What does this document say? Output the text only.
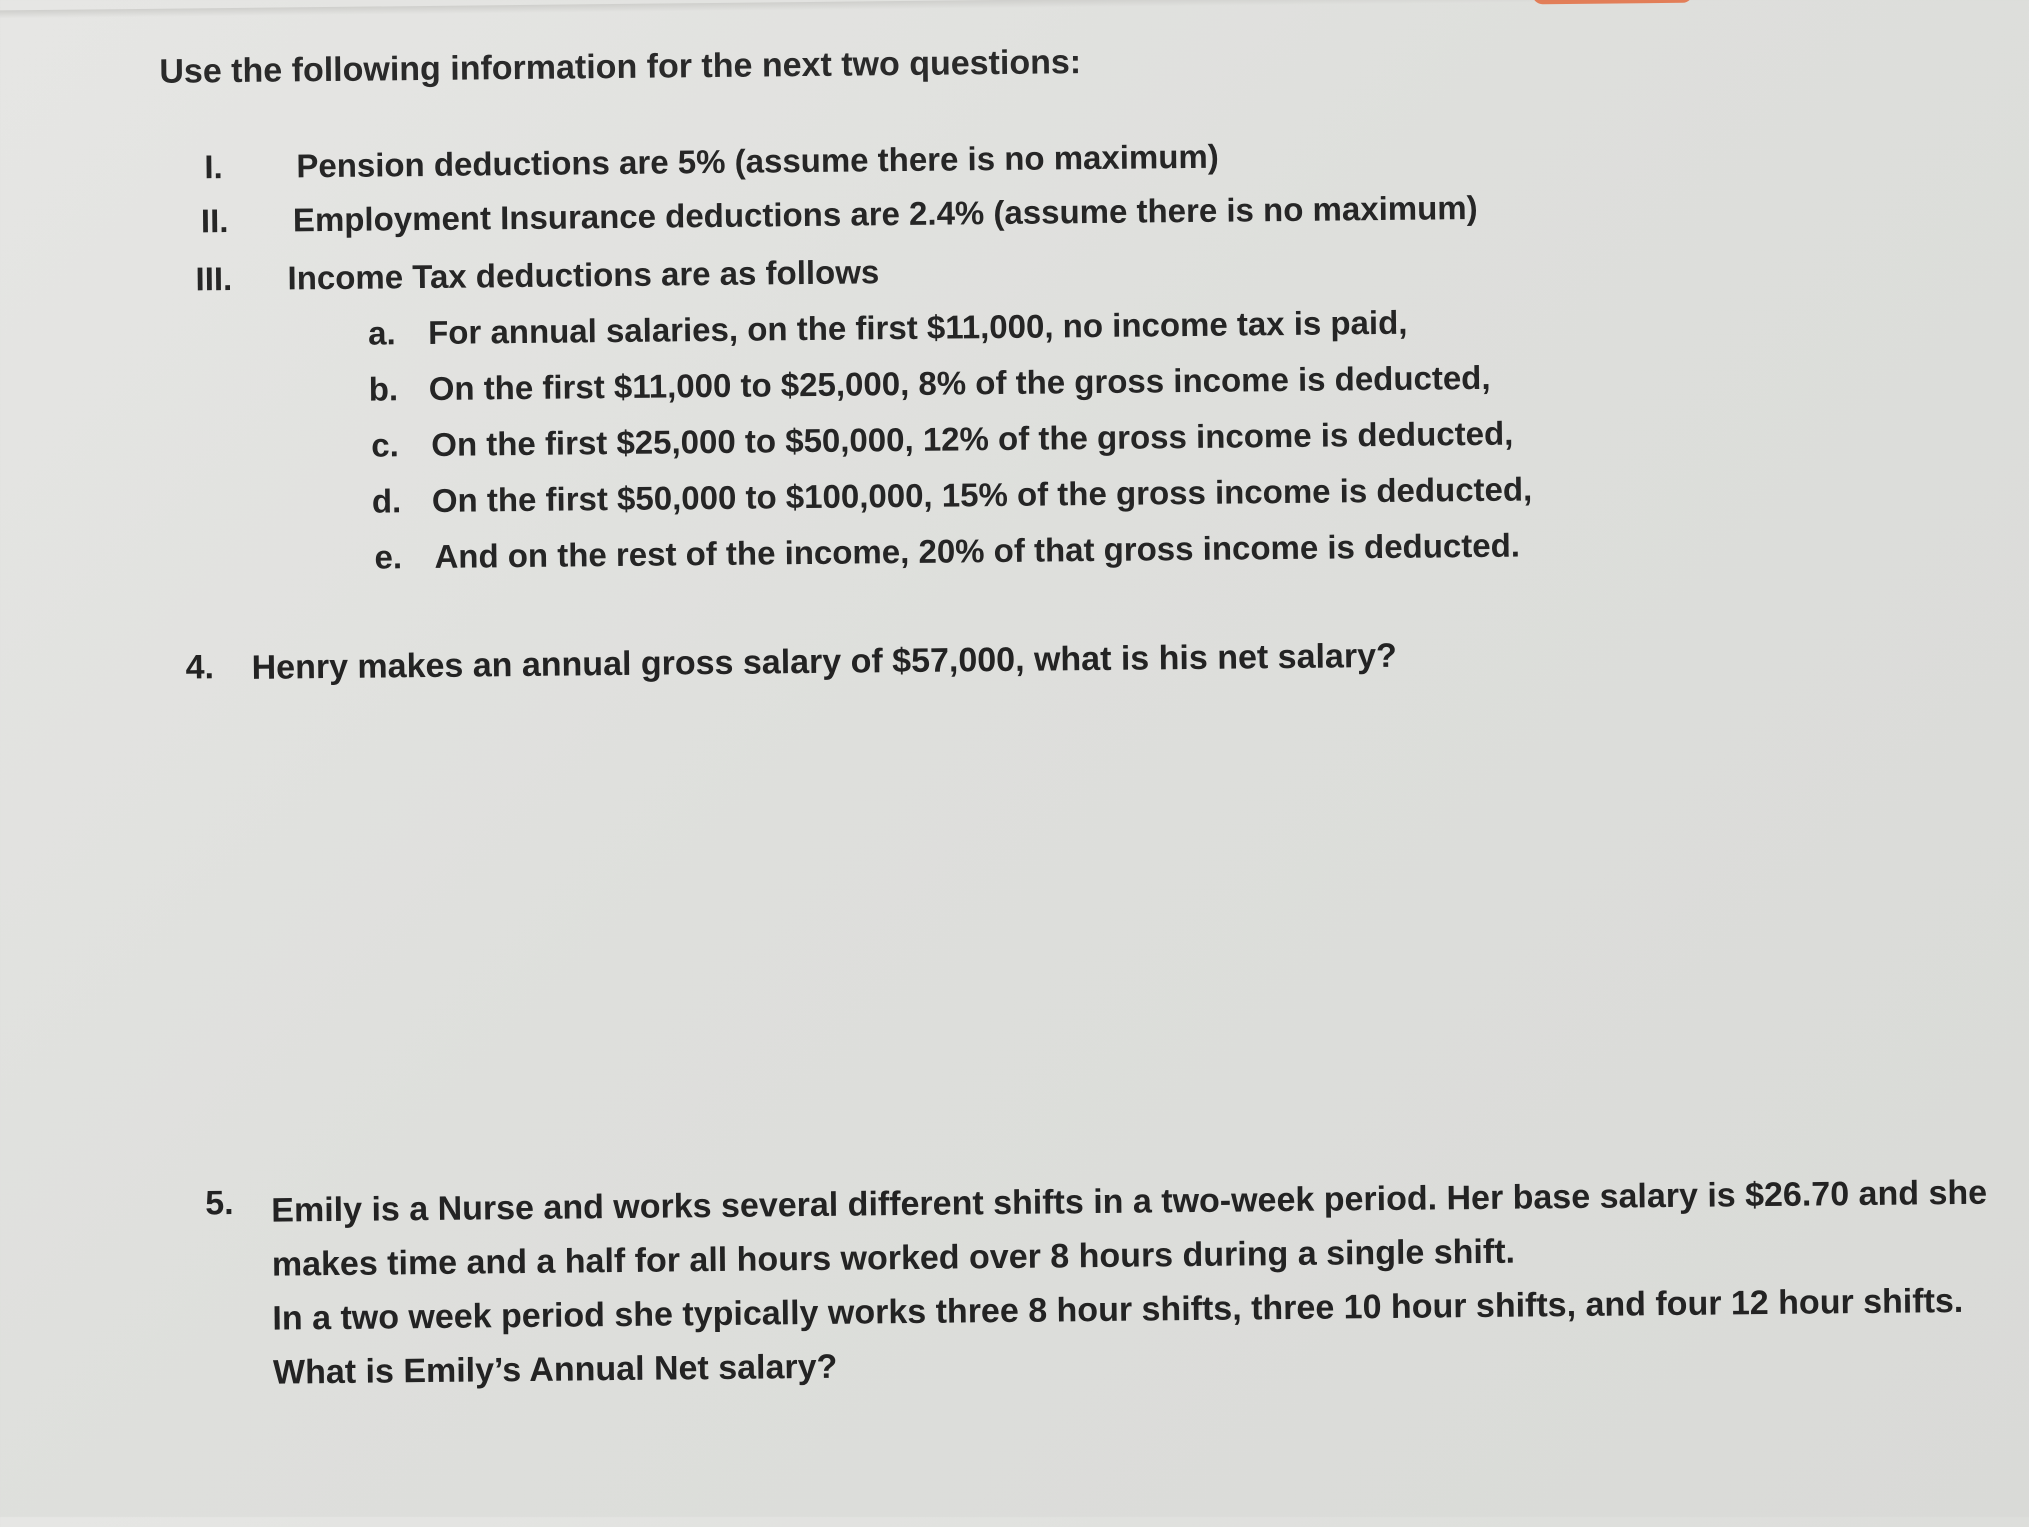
Use the following information for the next two questions:
I.	Pension deductions are 5% (assume there is no maximum)
II.	Employment Insurance deductions are 2.4% (assume there is no maximum)
III.	Income Tax deductions are as follows
a. For annual salaries, on the first $11,000, no income tax is paid,
b. On the first $11,000 to $25,000, 8% of the gross income is deducted,
c. On the first $25,000 to $50,000, 12% of the gross income is deducted,
d. On the first $50,000 to $100,000, 15% of the gross income is deducted,
e. And on the rest of the income, 20% of that gross income is deducted.
4. Henry makes an annual gross salary of $57,000, what is his net salary?
5. Emily is a Nurse and works several different shifts in a two-week period. Her base salary is $26.70 and she
makes time and a half for all hours worked over 8 hours during a single shift.
In a two week period she typically works three 8 hour shifts, three 10 hour shifts, and four 12 hour shifts.
What is Emily’s Annual Net salary?
